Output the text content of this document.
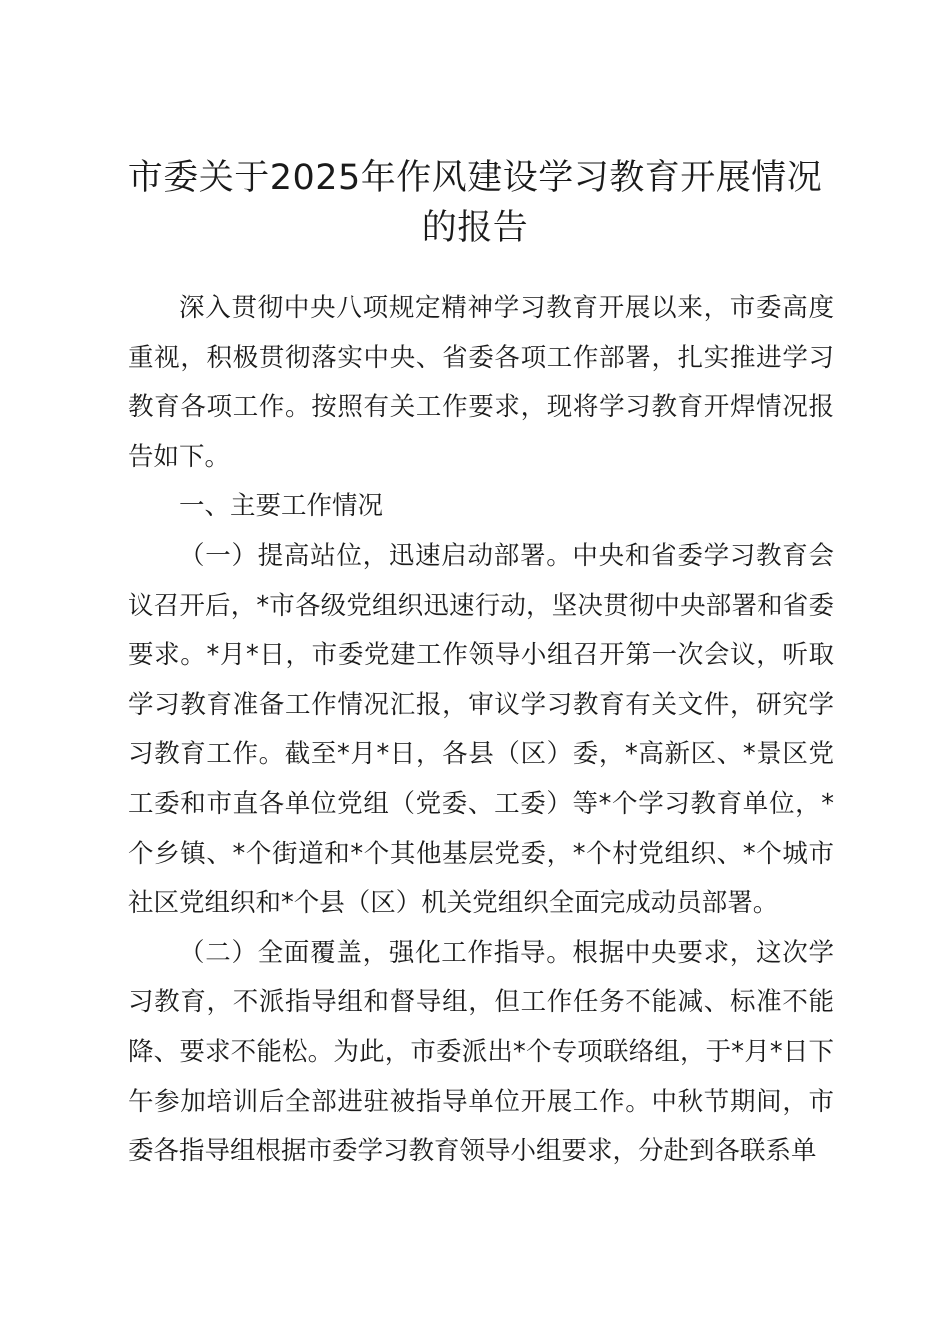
市委关于2025年作风建设学习教育开展情况的报告

深入贯彻中央八项规定精神学习教育开展以来，市委高度重视，积极贯彻落实中央、省委各项工作部署，扎实推进学习教育各项工作。按照有关工作要求，现将学习教育开焊情况报告如下。

一、主要工作情况

（一）提高站位，迅速启动部署。中央和省委学习教育会议召开后，*市各级党组织迅速行动，坚决贯彻中央部署和省委要求。*月*日，市委党建工作领导小组召开第一次会议，听取学习教育准备工作情况汇报，审议学习教育有关文件，研究学习教育工作。截至*月*日，各县（区）委，*高新区、*景区党工委和市直各单位党组（党委、工委）等*个学习教育单位，*个乡镇、*个街道和*个其他基层党委，*个村党组织、*个城市社区党组织和*个县（区）机关党组织全面完成动员部署。

（二）全面覆盖，强化工作指导。根据中央要求，这次学习教育，不派指导组和督导组，但工作任务不能减、标准不能降、要求不能松。为此，市委派出*个专项联络组，于*月*日下午参加培训后全部进驻被指导单位开展工作。中秋节期间，市委各指导组根据市委学习教育领导小组要求，分赴到各联系单
